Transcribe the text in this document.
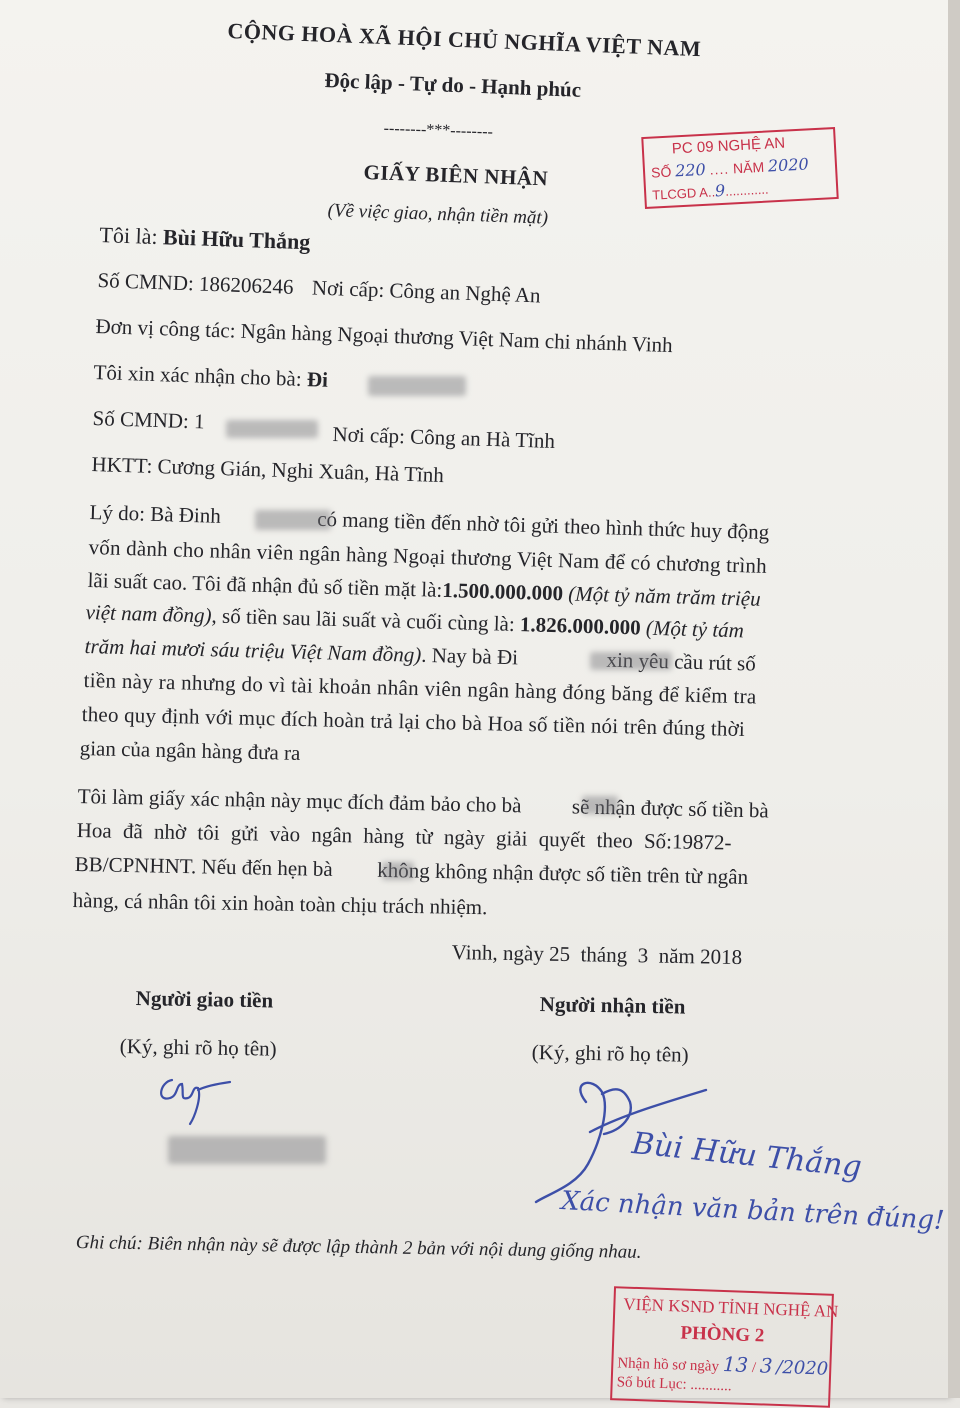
CỘNG HOÀ XÃ HỘI CHỦ NGHĨA VIỆT NAM
Độc lập - Tự do - Hạnh phúc
--------***--------
GIẤY BIÊN NHẬN
(Về việc giao, nhận tiền mặt)
PC 09 NGHỆ AN
SỐ 220 .... NĂM 2020
TLCGD A..9............
Tôi là: Bùi Hữu Thắng
Số CMND: 186206246 Nơi cấp: Công an Nghệ An
Đơn vị công tác: Ngân hàng Ngoại thương Việt Nam chi nhánh Vinh
Tôi xin xác nhận cho bà: Đi
Số CMND: 1
Nơi cấp: Công an Hà Tĩnh
HKTT: Cương Gián, Nghi Xuân, Hà Tĩnh
Lý do: Bà Đinh	có mang tiền đến nhờ tôi gửi theo hình thức huy động
vốn dành cho nhân viên ngân hàng Ngoại thương Việt Nam để có chương trình
lãi suất cao. Tôi đã nhận đủ số tiền mặt là:1.500.000.000 (Một tỷ năm trăm triệu
việt nam đồng), số tiền sau lãi suất và cuối cùng là: 1.826.000.000 (Một tỷ tám
trăm hai mươi sáu triệu Việt Nam đồng). Nay bà Đi	xin yêu cầu rút số
tiền này ra nhưng do vì tài khoản nhân viên ngân hàng đóng băng để kiểm tra
theo quy định với mục đích hoàn trả lại cho bà Hoa số tiền nói trên đúng thời
gian của ngân hàng đưa ra
Tôi làm giấy xác nhận này mục đích đảm bảo cho bà sẽ nhận được số tiền bà
Hoa đã nhờ tôi gửi vào ngân hàng từ ngày giải quyết theo Số:19872-
BB/CPNHNT. Nếu đến hẹn bà không không nhận được số tiền trên từ ngân
hàng, cá nhân tôi xin hoàn toàn chịu trách nhiệm.
Vinh, ngày 25 tháng 3 năm 2018
Người giao tiền
(Ký, ghi rõ họ tên)
Người nhận tiền
(Ký, ghi rõ họ tên)
Bùi Hữu Thắng
Xác nhận văn bản trên đúng!
Ghi chú: Biên nhận này sẽ được lập thành 2 bản với nội dung giống nhau.
VIỆN KSND TỈNH NGHỆ AN
PHÒNG 2
Nhận hồ sơ ngày 13 / 3 /2020
Số bút Lục: ...........
